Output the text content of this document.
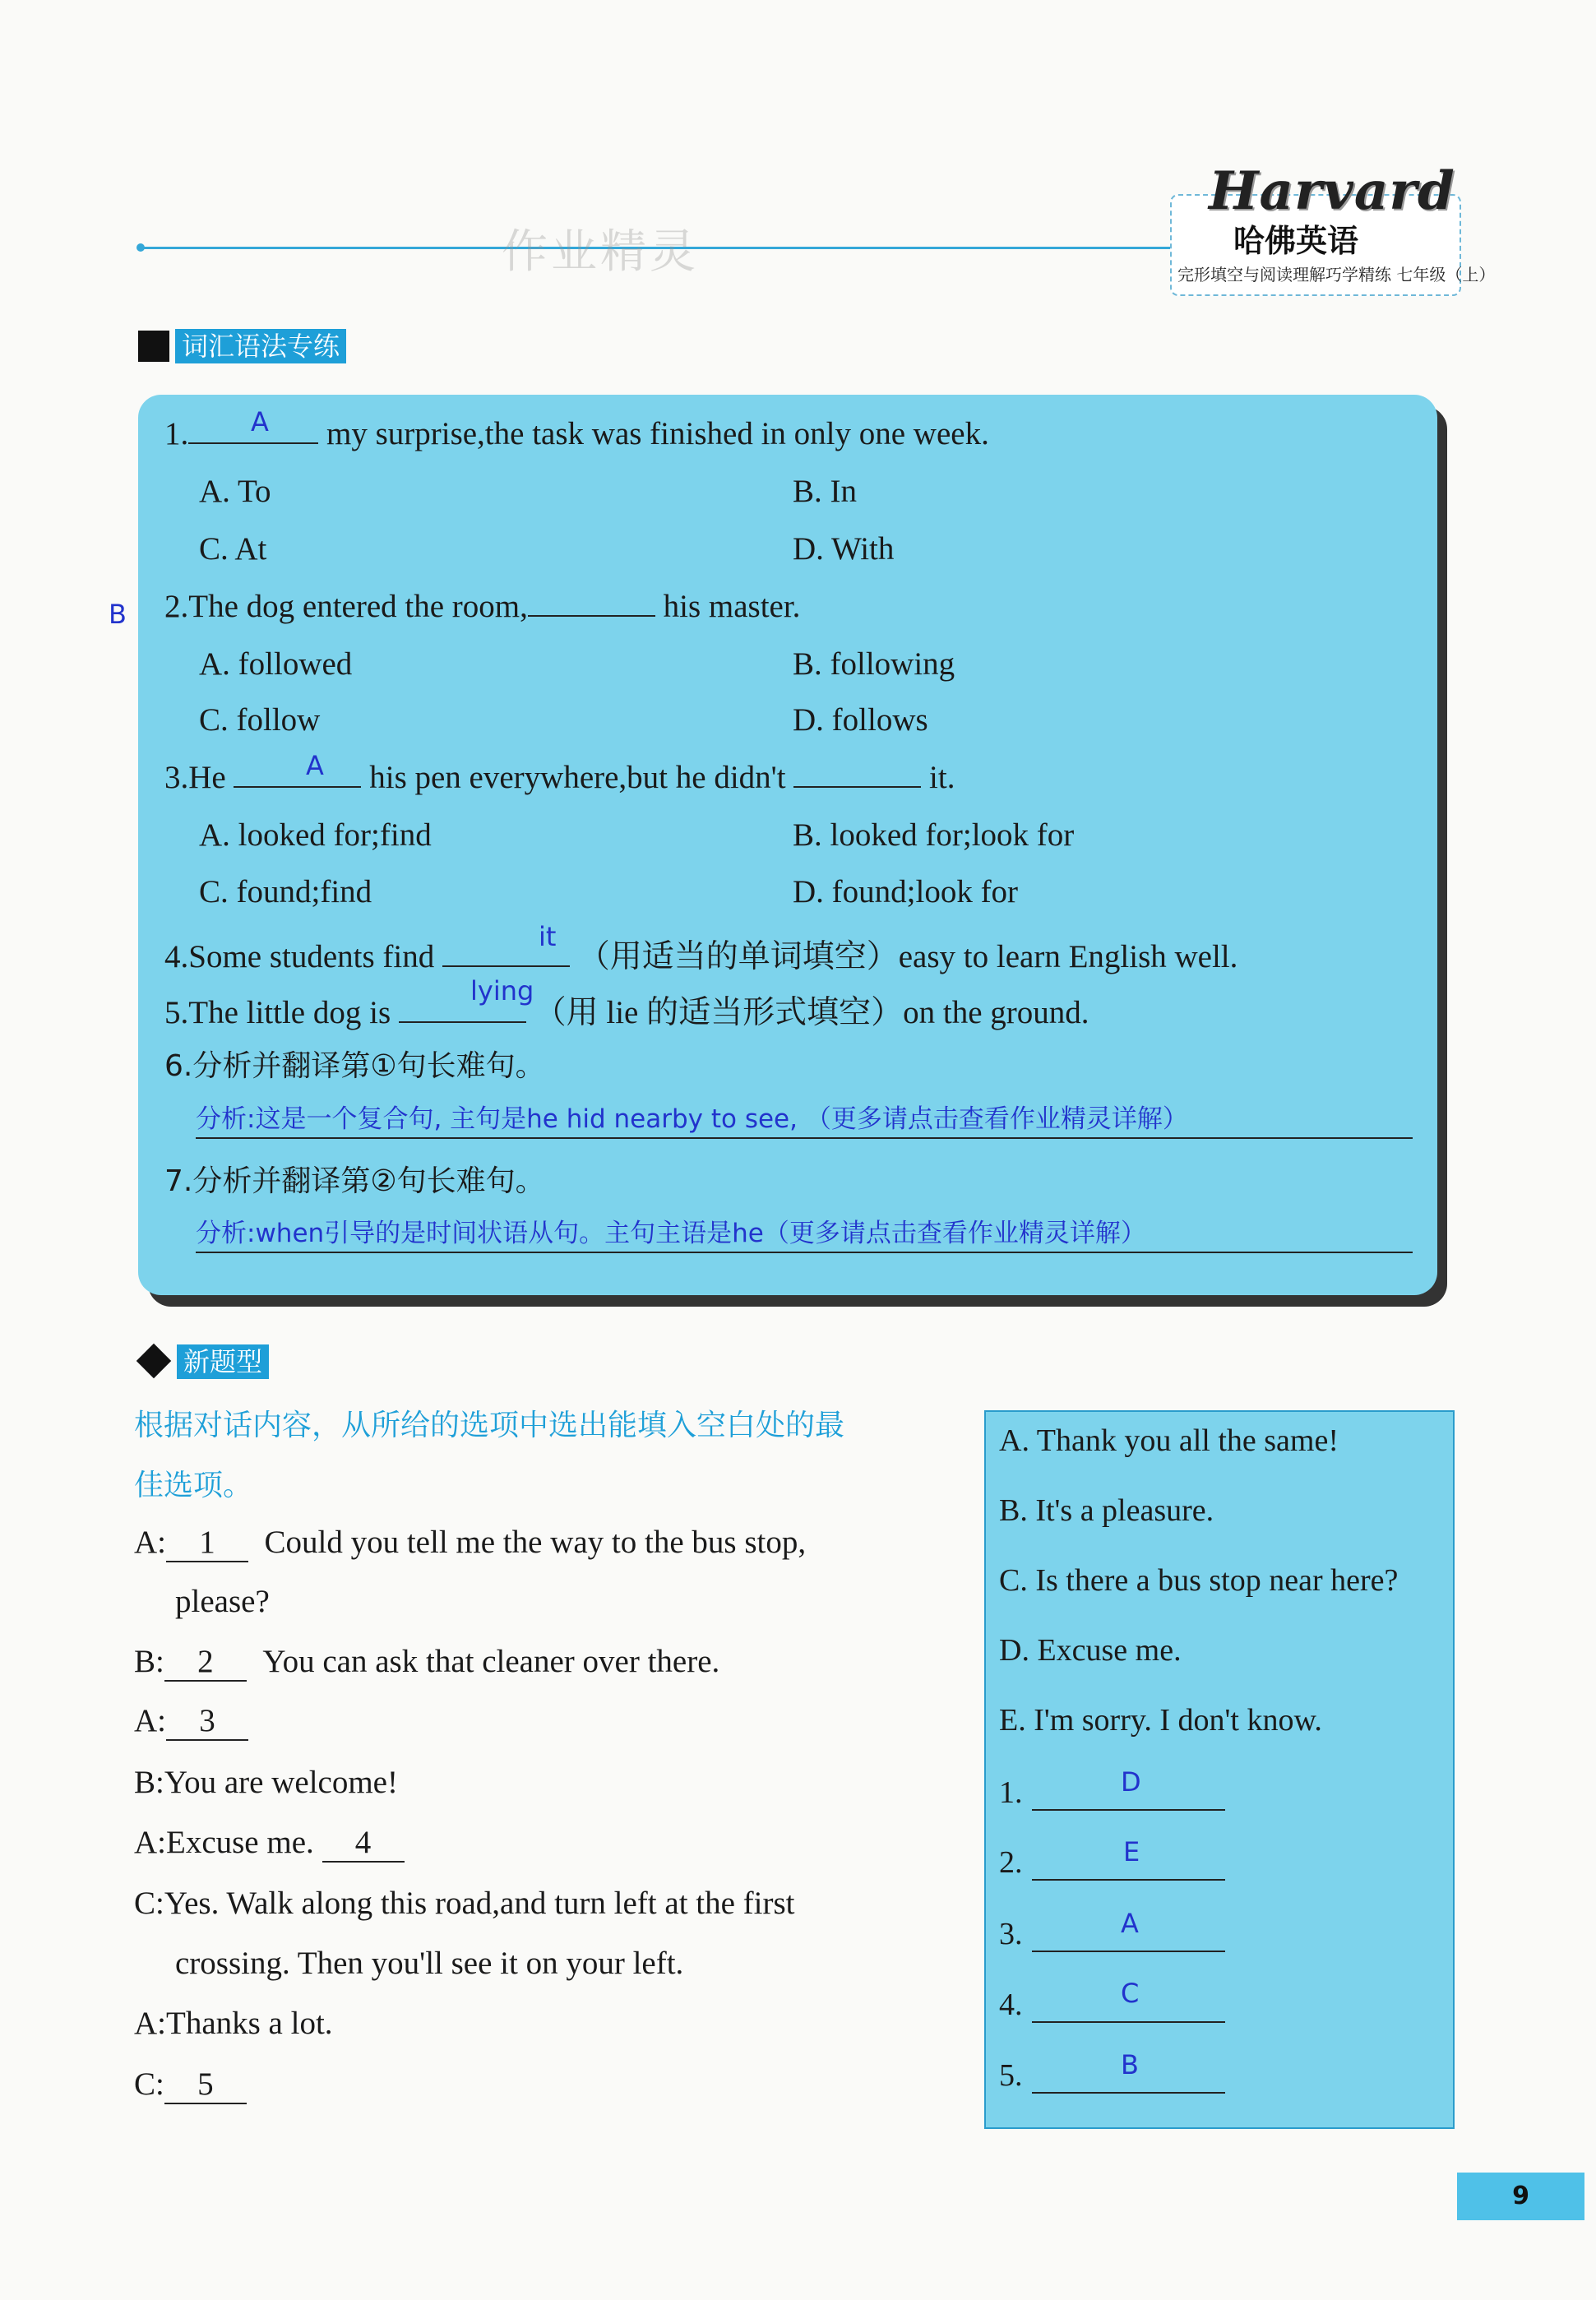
作业精灵
Harvard
哈佛英语
完形填空与阅读理解巧学精练 七年级（上）
词汇语法专练
1.	my surprise,the task was finished in only one week.
A
A. To	B. In
C. At	D. With
B 2.The dog entered the room,	his master.
A. followed	B. following
C. follow	D. follows
3.He	his pen everywhere,but he didn't	it.
A
A. looked for;find	B. looked for;look for
C. found;find	D. found;look for
4.Some students find	（用适当的单词填空）easy to learn English well.
it
5.The little dog is	（用 lie 的适当形式填空）on the ground.
lying
6.分析并翻译第①句长难句。
分析:这是一个复合句, 主句是he hid nearby to see, （更多请点击查看作业精灵详解）
7.分析并翻译第②句长难句。
分析:when引导的是时间状语从句。主句主语是he（更多请点击查看作业精灵详解）
新题型
根据对话内容，从所给的选项中选出能填入空白处的最
佳选项。
A: 1 Could you tell me the way to the bus stop,
please?
B: 2 You can ask that cleaner over there.
A: 3
B:You are welcome!
A:Excuse me. 4
C:Yes. Walk along this road,and turn left at the first
crossing. Then you'll see it on your left.
A:Thanks a lot.
C: 5
A. Thank you all the same!
B. It's a pleasure.
C. Is there a bus stop near here?
D. Excuse me.
E. I'm sorry. I don't know.
1.	D
2.	E
3.	A
4.	C
5.	B
9
